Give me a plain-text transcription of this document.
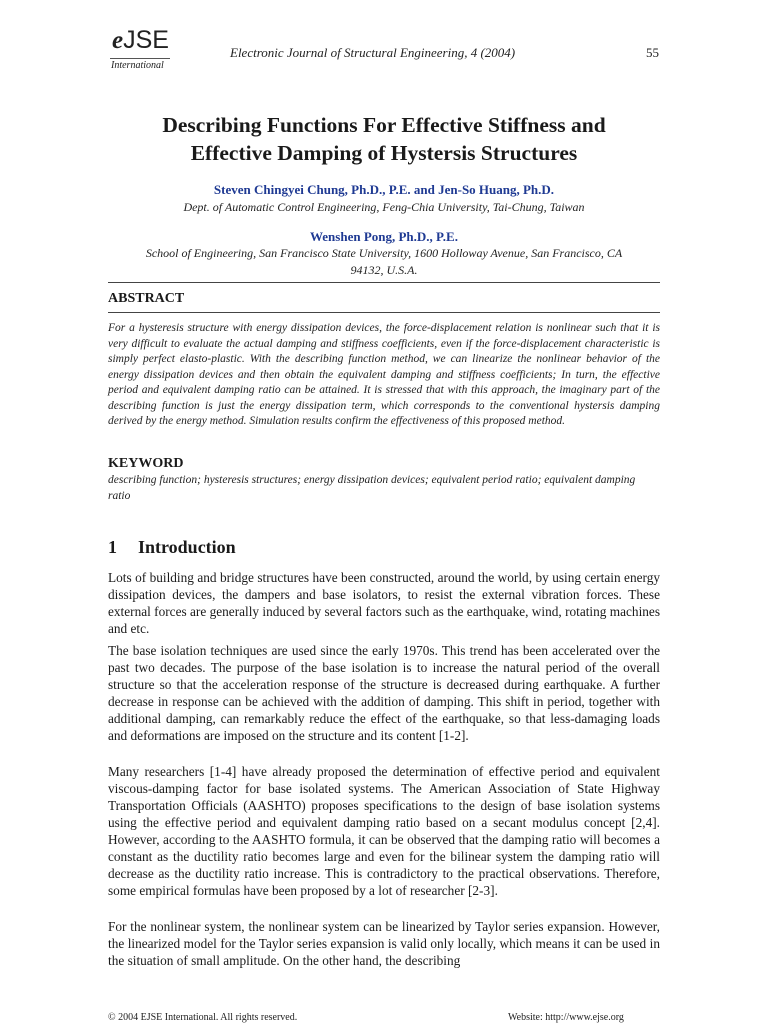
eJSE
International
Electronic Journal of Structural Engineering, 4 (2004)	55
Describing Functions For Effective Stiffness and
Effective Damping of Hystersis Structures
Steven Chingyei Chung, Ph.D., P.E. and Jen-So Huang, Ph.D.
Dept. of Automatic Control Engineering, Feng-Chia University, Tai-Chung, Taiwan
Wenshen Pong, Ph.D., P.E.
School of Engineering, San Francisco State University, 1600 Holloway Avenue, San Francisco, CA
94132, U.S.A.
ABSTRACT
For a hysteresis structure with energy dissipation devices, the force-displacement relation is nonlinear such that it is very difficult to evaluate the actual damping and stiffness coefficients, even if the force-displacement characteristic is simply perfect elasto-plastic. With the describing function method, we can linearize the nonlinear behavior of the energy dissipation devices and then obtain the equivalent damping and stiffness coefficients; In turn, the effective period and equivalent damping ratio can be attained. It is stressed that with this approach, the imaginary part of the describing function is just the energy dissipation term, which corresponds to the conventional hystersis damping derived by the energy method. Simulation results confirm the effectiveness of this proposed method.
KEYWORD
describing function; hysteresis structures; energy dissipation devices; equivalent period ratio; equivalent damping ratio
1 Introduction
Lots of building and bridge structures have been constructed, around the world, by using certain energy dissipation devices, the dampers and base isolators, to resist the external vibration forces. These external forces are generally induced by several factors such as the earthquake, wind, rotating machines and etc.
The base isolation techniques are used since the early 1970s. This trend has been accelerated over the past two decades. The purpose of the base isolation is to increase the natural period of the overall structure so that the acceleration response of the structure is decreased during earthquake. A further decrease in response can be achieved with the addition of damping. This shift in period, together with additional damping, can remarkably reduce the effect of the earthquake, so that less-damaging loads and deformations are imposed on the structure and its content [1-2].
Many researchers [1-4] have already proposed the determination of effective period and equivalent viscous-damping factor for base isolated systems. The American Association of State Highway Transportation Officials (AASHTO) proposes specifications to the design of base isolation systems using the effective period and equivalent damping ratio based on a secant modulus concept [2,4]. However, according to the AASHTO formula, it can be observed that the damping ratio will becomes a constant as the ductility ratio becomes large and even for the bilinear system the damping ratio will decrease as the ductility ratio increase. This is contradictory to the practical observations. Therefore, some empirical formulas have been proposed by a lot of researcher [2-3].
For the nonlinear system, the nonlinear system can be linearized by Taylor series expansion. However, the linearized model for the Taylor series expansion is valid only locally, which means it can be used in the situation of small amplitude. On the other hand, the describing
© 2004 EJSE International. All rights reserved.	Website: http://www.ejse.org
